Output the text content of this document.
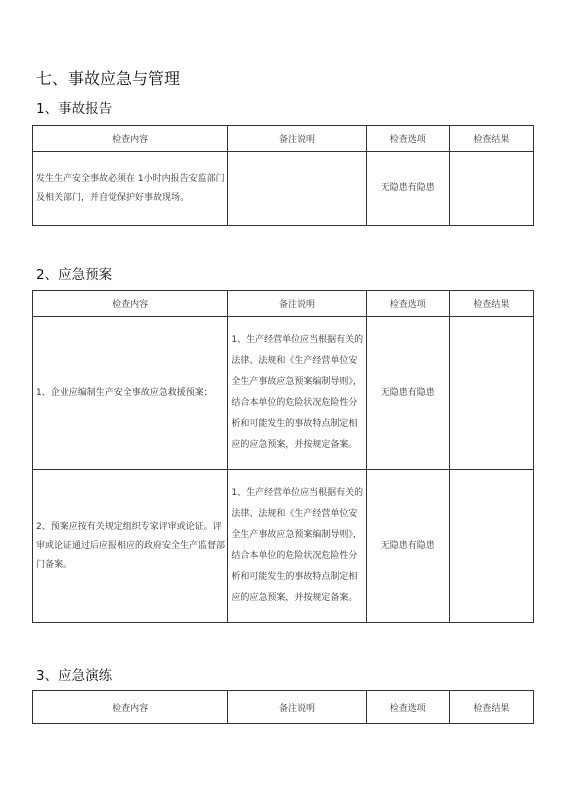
七、事故应急与管理
1、事故报告
检查内容	备注说明	检查选项	检查结果
发生生产安全事故必须在 1小时内报告安监部门及相关部门，并自觉保护好事故现场。		无隐患有隐患	
2、应急预案
检查内容	备注说明	检查选项	检查结果
1、企业应编制生产安全事故应急救援预案；	1、生产经营单位应当根据有关的法律、法规和《生产经营单位安全生产事故应急预案编制导则》，结合本单位的危险状况危险性分析和可能发生的事故特点制定相应的应急预案，并按规定备案。	无隐患有隐患	
2、预案应按有关规定组织专家评审或论证。评审或论证通过后应报相应的政府安全生产监督部门备案。	1、生产经营单位应当根据有关的法律、法规和《生产经营单位安全生产事故应急预案编制导则》，结合本单位的危险状况危险性分析和可能发生的事故特点制定相应的应急预案，并按规定备案。	无隐患有隐患	
3、应急演练
检查内容	备注说明	检查选项	检查结果
